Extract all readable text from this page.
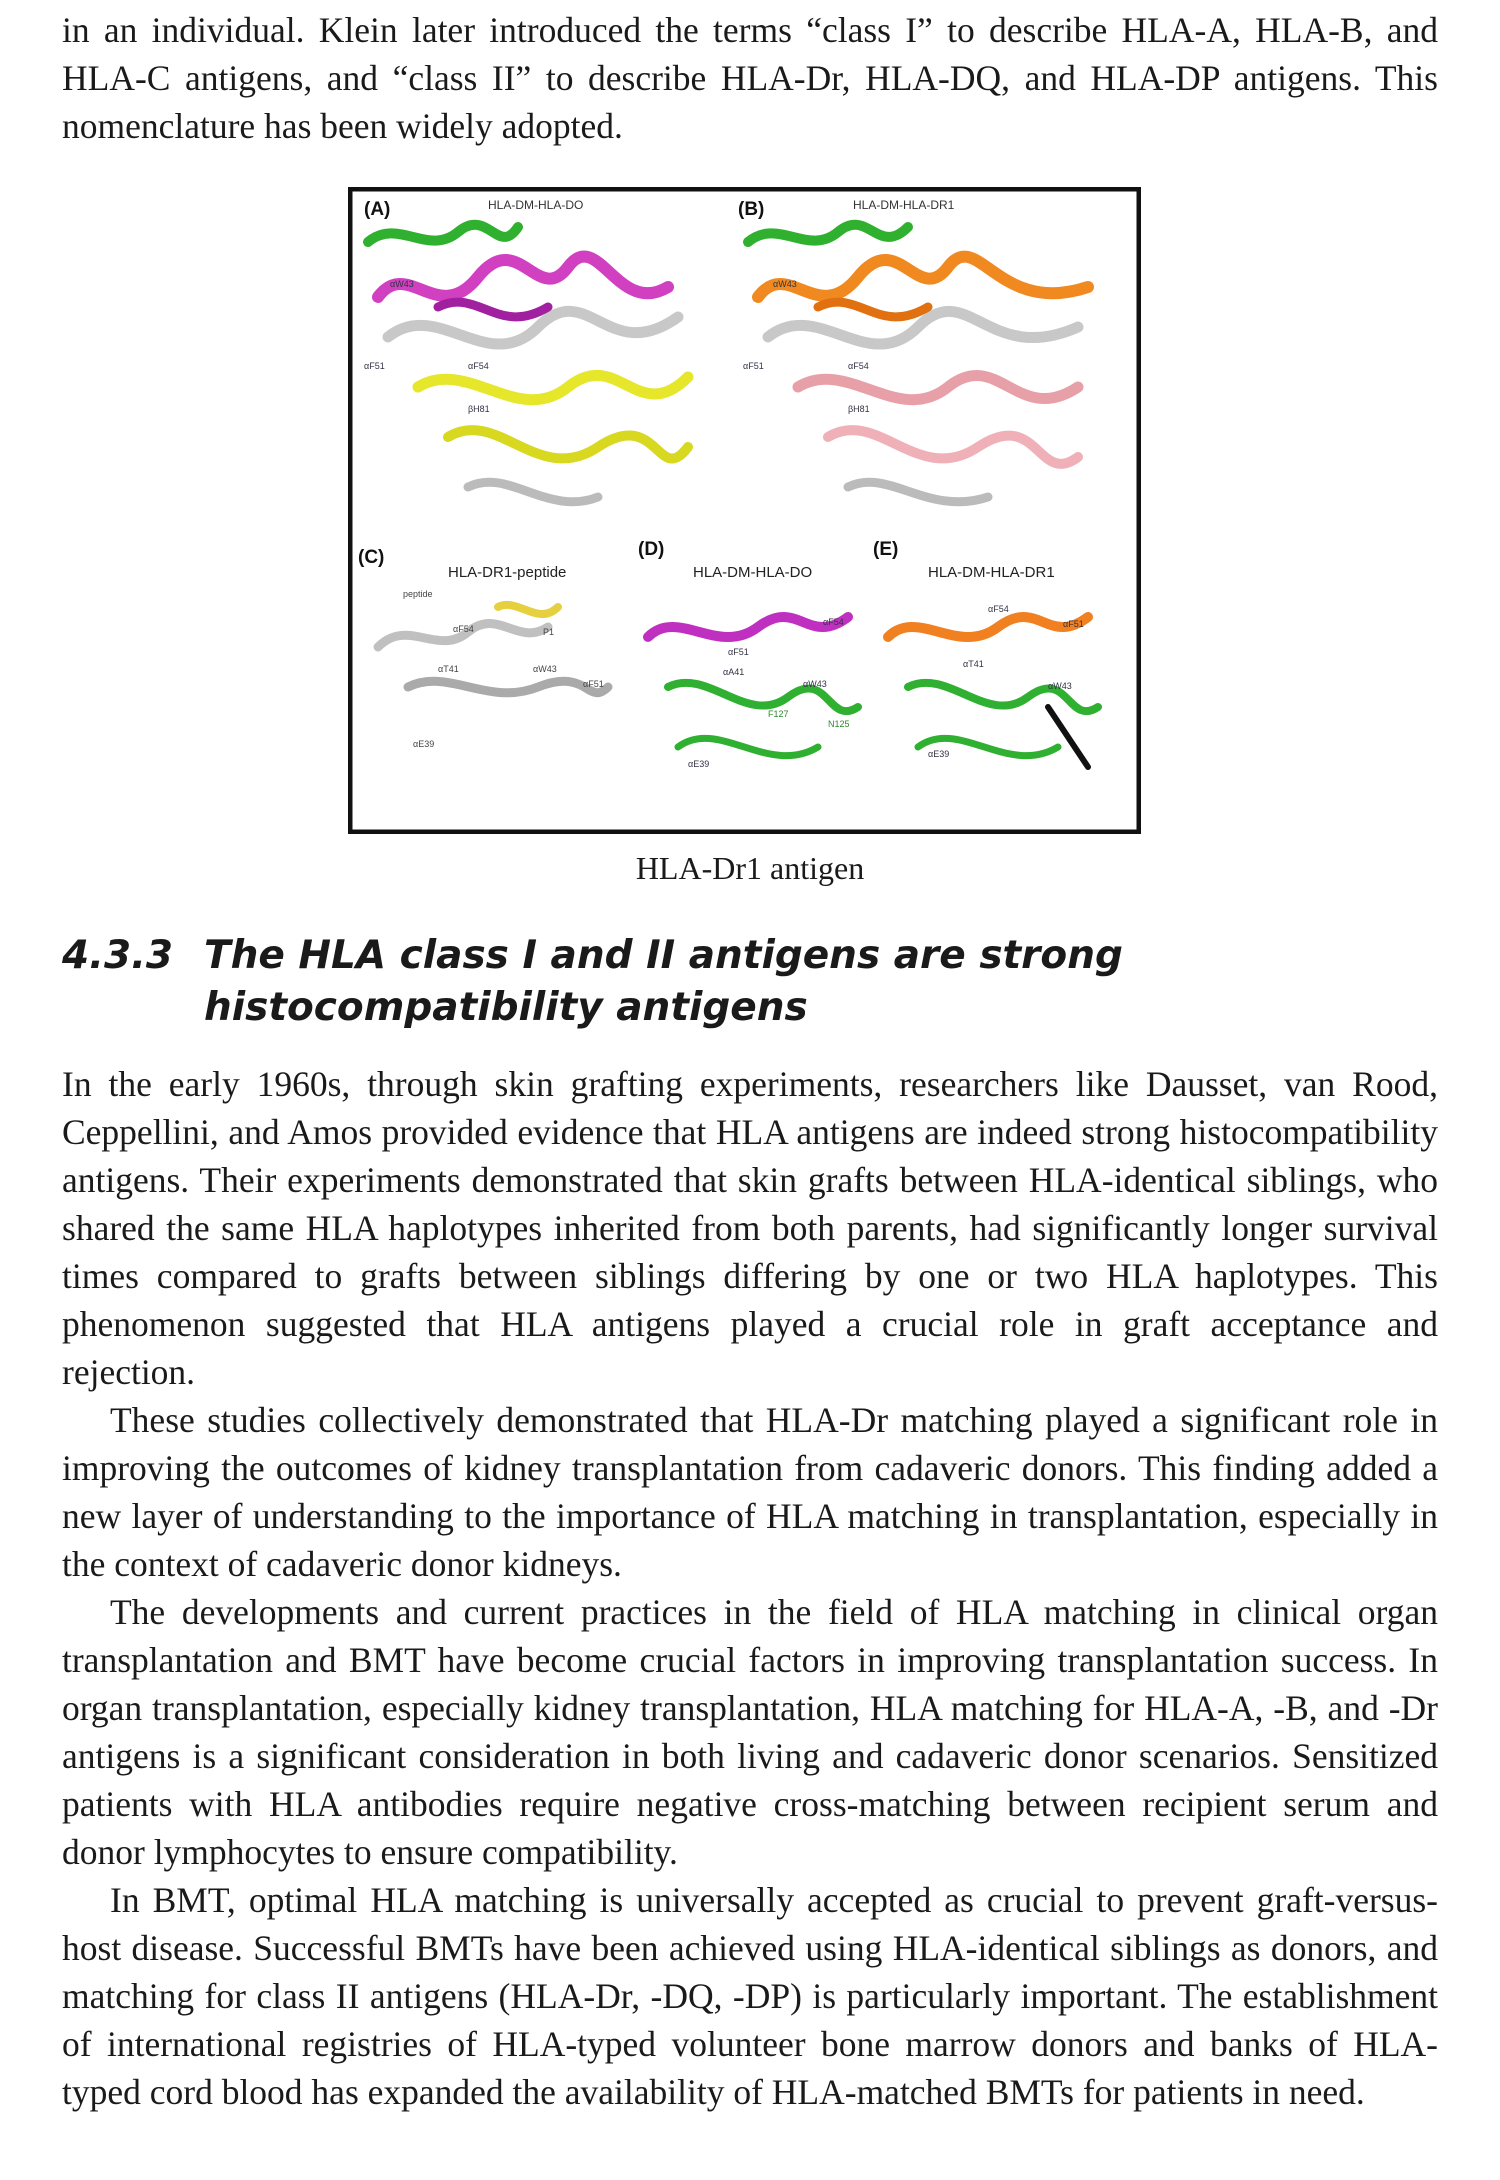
in an individual. Klein later introduced the terms “class I” to describe HLA-A, HLA-B, and HLA-C antigens, and “class II” to describe HLA-Dr, HLA-DQ, and HLA-DP antigens. This nomenclature has been widely adopted.

(A)	HLA-DM-HLA-DO
αW43
αF51	αF54
βH81
(B)	HLA-DM-HLA-DR1
αW43
αF51	αF54
βH81
(C)
HLA-DR1-peptide
peptide
αF54	P1
αT41	αW43
αF51
αE39
(D)
HLA-DM-HLA-DO
αF54
αF51
αA41
αW43
F127
N125
αE39
(E)
HLA-DM-HLA-DR1
αF54
αF51
αT41
αW43
αE39
HLA-Dr1 antigen
4.3.3 The HLA class I and II antigens are strong histocompatibility antigens

In the early 1960s, through skin grafting experiments, researchers like Dausset, van Rood, Ceppellini, and Amos provided evidence that HLA antigens are indeed strong histocompatibility antigens. Their experiments demonstrated that skin grafts between HLA-identical siblings, who shared the same HLA haplotypes inherited from both parents, had significantly longer survival times compared to grafts between siblings differing by one or two HLA haplotypes. This phenomenon suggested that HLA antigens played a crucial role in graft acceptance and rejection.

These studies collectively demonstrated that HLA-Dr matching played a significant role in improving the outcomes of kidney transplantation from cadaveric donors. This finding added a new layer of understanding to the importance of HLA matching in transplantation, especially in the context of cadaveric donor kidneys.

The developments and current practices in the field of HLA matching in clinical organ transplantation and BMT have become crucial factors in improving transplantation success. In organ transplantation, especially kidney transplantation, HLA matching for HLA-A, -B, and -Dr antigens is a significant consideration in both living and cadaveric donor scenarios. Sensitized patients with HLA antibodies require negative cross-matching between recipient serum and donor lymphocytes to ensure compatibility.

In BMT, optimal HLA matching is universally accepted as crucial to prevent graft-versus-host disease. Successful BMTs have been achieved using HLA-identical siblings as donors, and matching for class II antigens (HLA-Dr, -DQ, -DP) is particularly important. The establishment of international registries of HLA-typed volunteer bone marrow donors and banks of HLA-typed cord blood has expanded the availability of HLA-matched BMTs for patients in need.
